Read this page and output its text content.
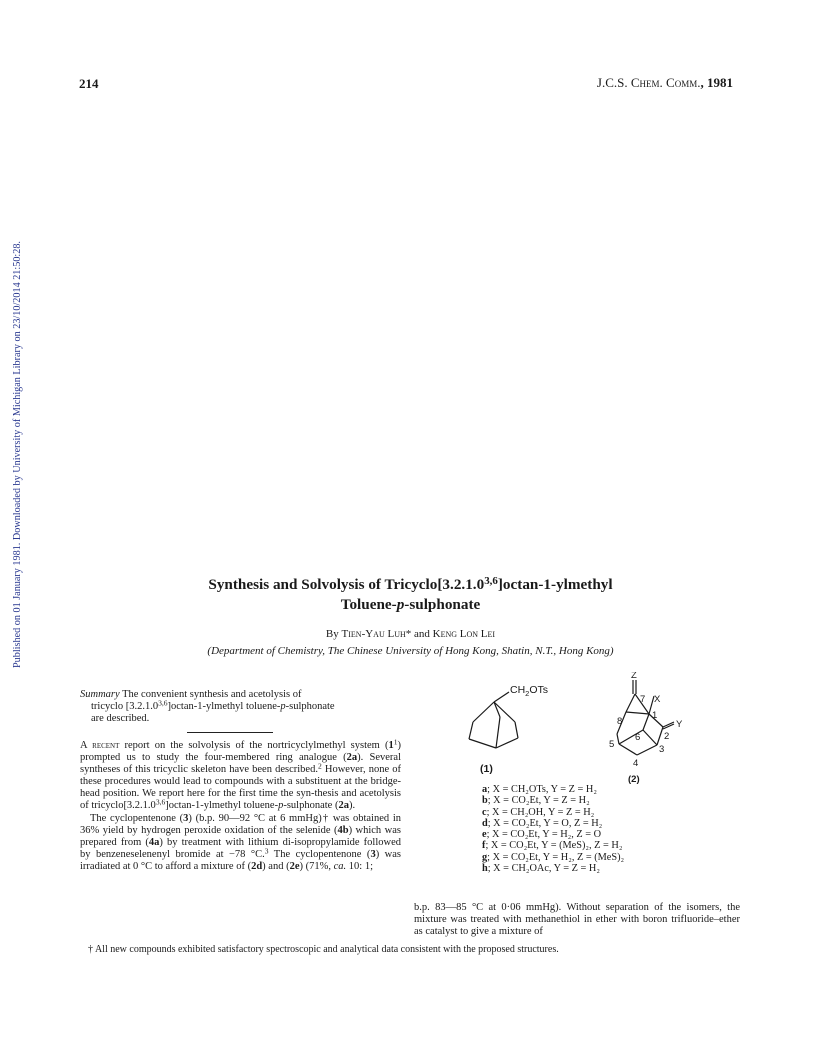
Published on 01 January 1981. Downloaded by University of Michigan Library on 23/10/2014 21:50:28.
214	J.C.S. Chem. Comm., 1981
Synthesis and Solvolysis of Tricyclo[3.2.1.0$^{3,6}$]octan-1-ylmethyl
Toluene-p-sulphonate
By Tien-Yau Luh* and Keng Lon Lei
(Department of Chemistry, The Chinese University of Hong Kong, Shatin, N.T., Hong Kong)

Summary The convenient synthesis and acetolysis of

tricyclo [3.2.1.0$^{3,6}$]octan-1-ylmethyl toluene-p-sulphonate

are described.

A recent report on the solvolysis of the nortricyclylmethyl system $(1^1)$ prompted us to study the four-membered ring analogue (2a). Several syntheses of this tricyclic skeleton have been described.$^2$ However, none of these procedures would lead to compounds with a substituent at the bridge-head position. We report here for the first time the syn-thesis and acetolysis of tricyclo[3.2.1.0$^{3,6}$]octan-1-ylmethyl toluene-p-sulphonate (2a).

The cyclopentenone (3) (b.p. 90—92 °C at 6 mmHg)† was obtained in 36% yield by hydrogen peroxide oxidation of the selenide (4b) which was prepared from (4a) by treatment with lithium di-isopropylamide followed by benzeneselenenyl bromide at −78 °C.$^3$ The cyclopentenone (3) was irradiated at 0 °C to afford a mixture of (2d) and (2e) (71%, ca. 10: 1;

b.p. 83—85 °C at 0·06 mmHg). Without separation of the isomers, the mixture was treated with methanethiol in ether with boron trifluoride–ether as catalyst to give a mixture of

$CH_2OTs$
(1)
Z
7 X
Y
1
2
3
4
5
6
8
(2)
a; X = CH₂OTs, Y = Z = H₂
b; X = CO₂Et, Y = Z = H₂
c; X = CH₂OH, Y = Z = H₂
d; X = CO₂Et, Y = O, Z = H₂
e; X = CO₂Et, Y = H₂, Z = O
f; X = CO₂Et, Y = (MeS)₂, Z = H₂
g; X = CO₂Et, Y = H₂, Z = (MeS)₂
h; X = CH₂OAc, Y = Z = H₂
† All new compounds exhibited satisfactory spectroscopic and analytical data consistent with the proposed structures.
